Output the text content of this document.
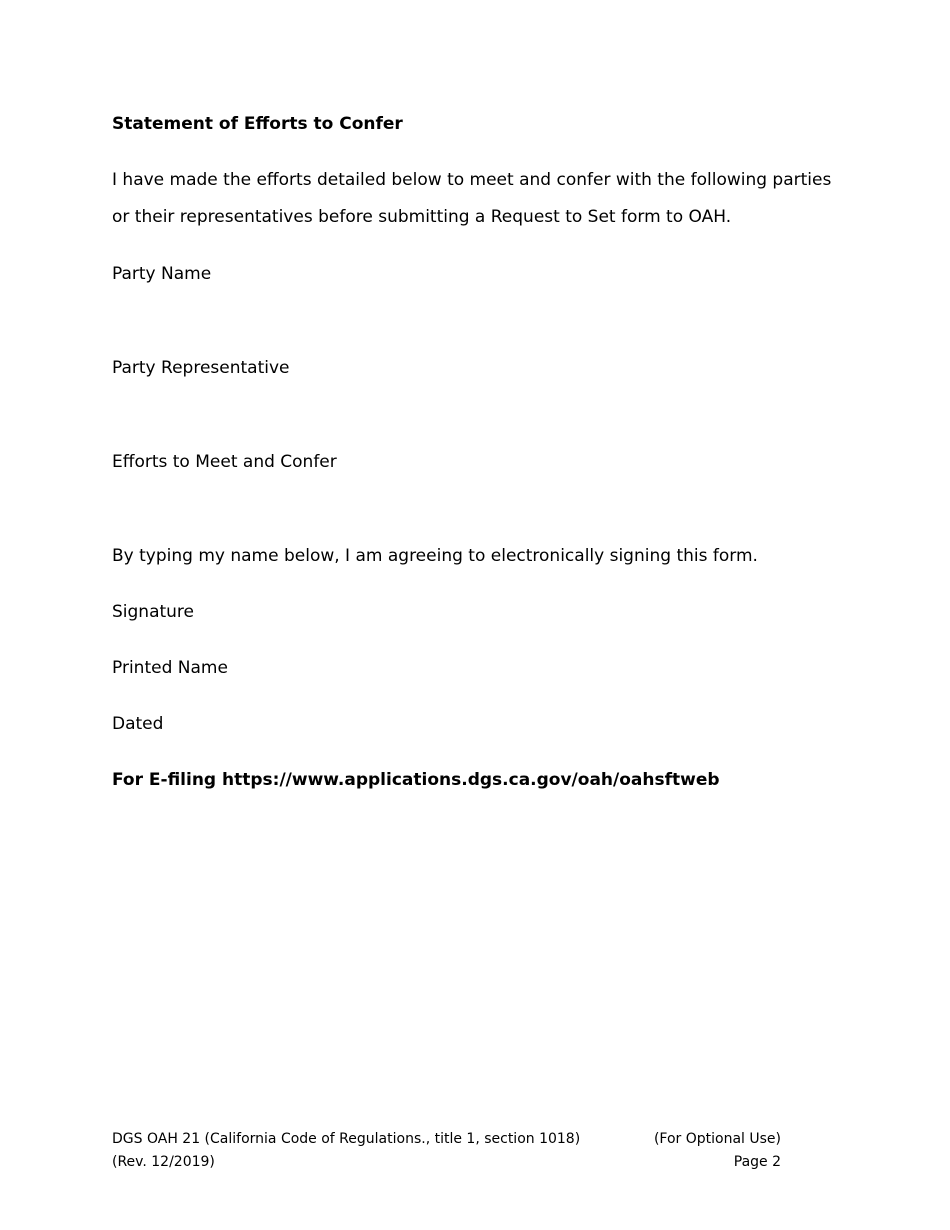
Statement of Efforts to Confer
I have made the efforts detailed below to meet and confer with the following parties
or their representatives before submitting a Request to Set form to OAH.
Party Name
Party Representative
Efforts to Meet and Confer
By typing my name below, I am agreeing to electronically signing this form.
Signature
Printed Name
Dated
For E-filing https://www.applications.dgs.ca.gov/oah/oahsftweb
DGS OAH 21 (California Code of Regulations., title 1, section 1018)
(Rev. 12/2019)
(For Optional Use)
Page 2
